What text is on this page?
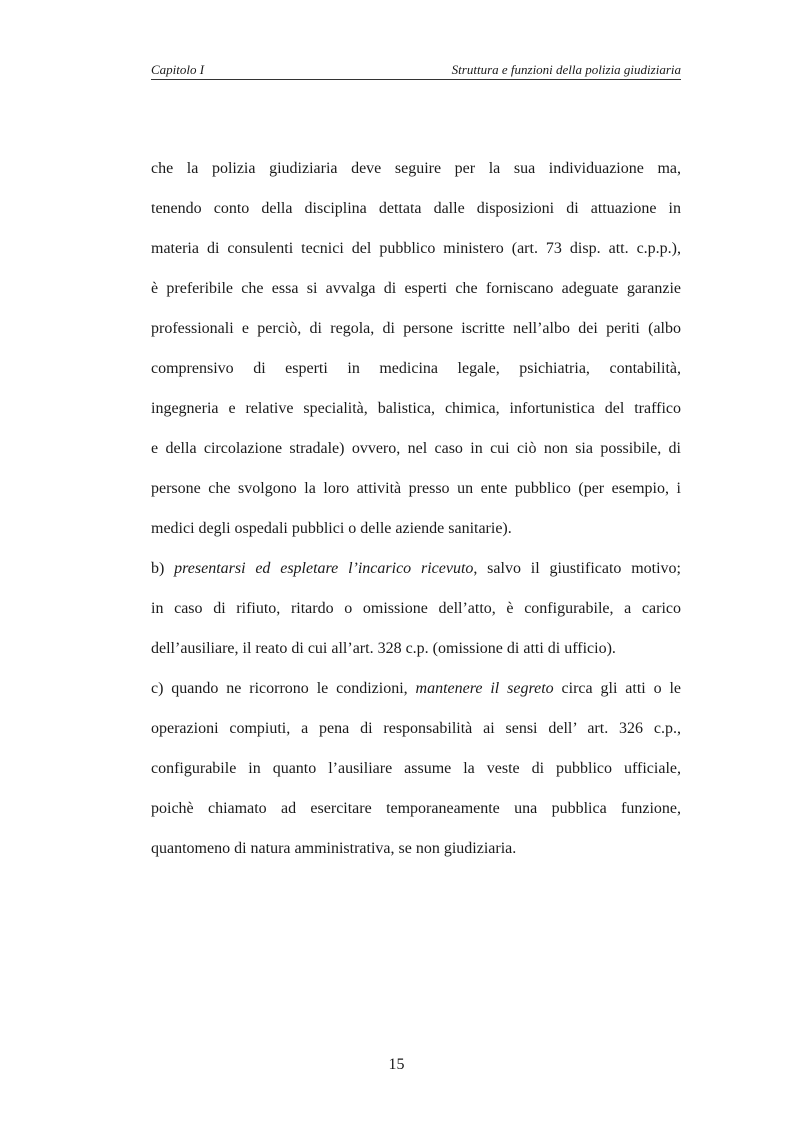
Capitolo I	Struttura e funzioni della polizia giudiziaria
che la polizia giudiziaria deve seguire per la sua individuazione ma,
tenendo conto della disciplina dettata dalle disposizioni di attuazione in
materia di consulenti tecnici del pubblico ministero (art. 73 disp. att. c.p.p.),
è preferibile che essa si avvalga di esperti che forniscano adeguate garanzie
professionali e perciò, di regola, di persone iscritte nell’albo dei periti (albo
comprensivo di esperti in medicina legale, psichiatria, contabilità,
ingegneria e relative specialità, balistica, chimica, infortunistica del traffico
e della circolazione stradale) ovvero, nel caso in cui ciò non sia possibile, di
persone che svolgono la loro attività presso un ente pubblico (per esempio, i
medici degli ospedali pubblici o delle aziende sanitarie).
b) presentarsi ed espletare l’incarico ricevuto, salvo il giustificato motivo;
in caso di rifiuto, ritardo o omissione dell’atto, è configurabile, a carico
dell’ausiliare, il reato di cui all’art. 328 c.p. (omissione di atti di ufficio).
c) quando ne ricorrono le condizioni, mantenere il segreto circa gli atti o le
operazioni compiuti, a pena di responsabilità ai sensi dell’ art. 326 c.p.,
configurabile in quanto l’ausiliare assume la veste di pubblico ufficiale,
poichè chiamato ad esercitare temporaneamente una pubblica funzione,
quantomeno di natura amministrativa, se non giudiziaria.
15
